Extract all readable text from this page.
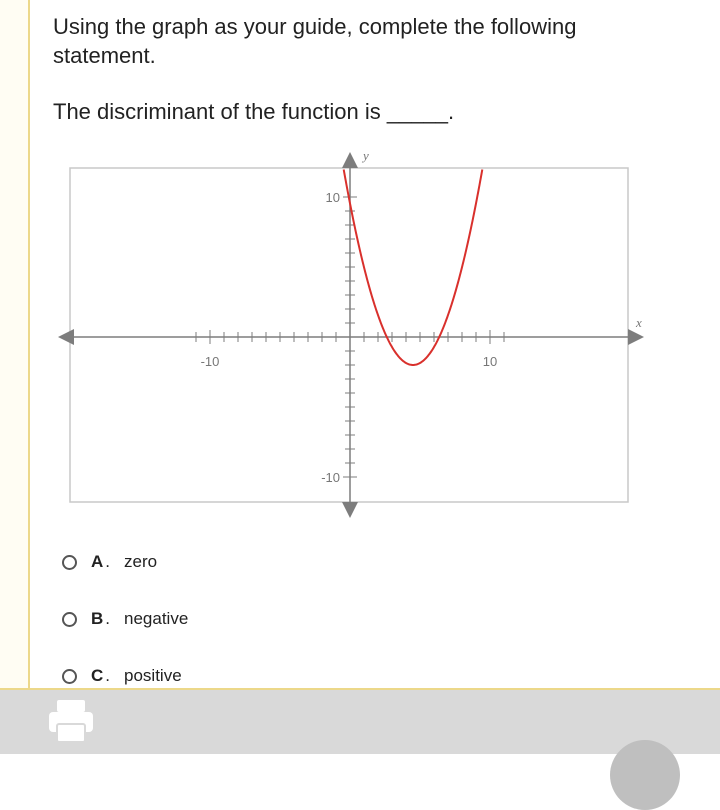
Using the graph as your guide, complete the following statement.
The discriminant of the function is _____.
-10	10
10
-10
x
y
A . zero
B . negative
C . positive
